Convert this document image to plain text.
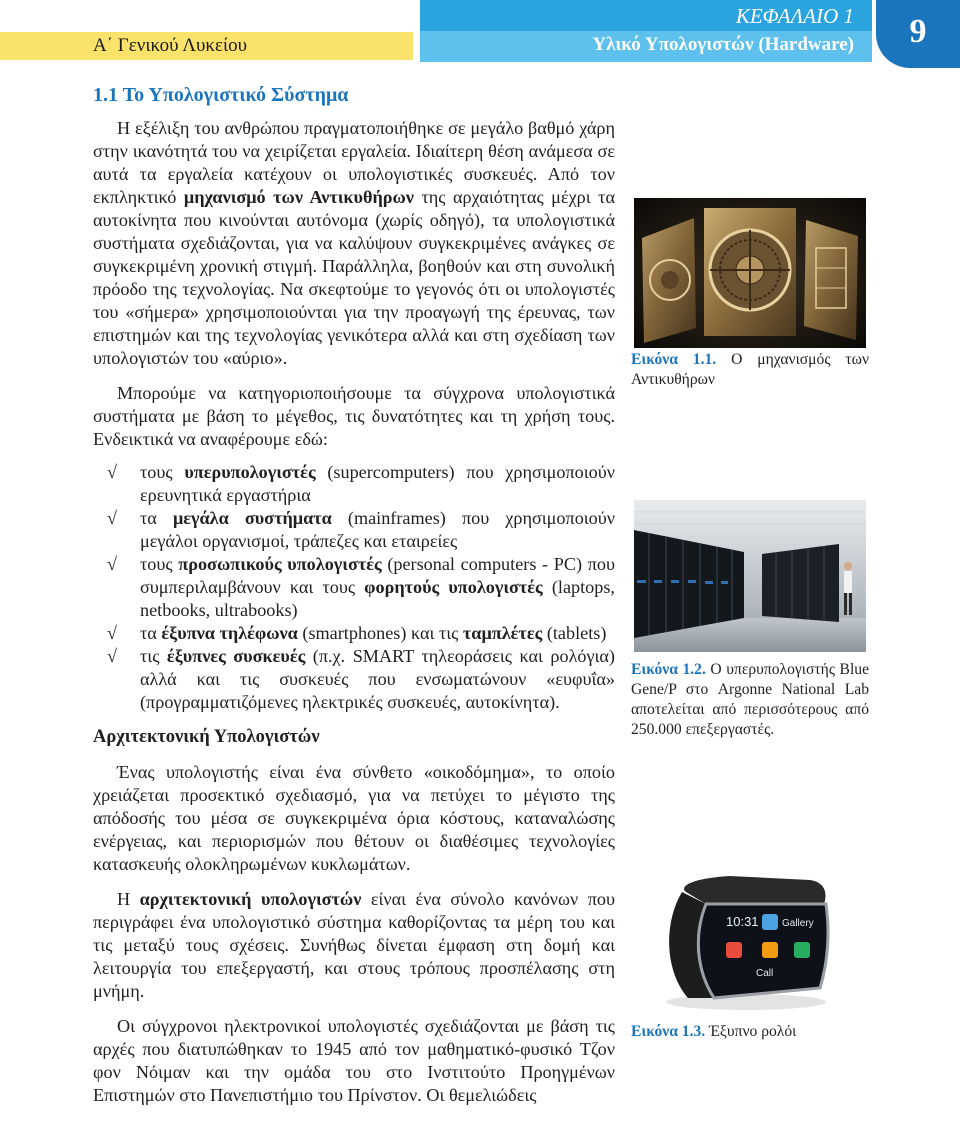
Α΄ Γενικού Λυκείου
ΚΕΦΑΛΑΙΟ 1
Υλικό Υπολογιστών (Hardware)	9
1.1 Το Υπολογιστικό Σύστημα

Η εξέλιξη του ανθρώπου πραγματοποιήθηκε σε μεγάλο βαθμό χάρη στην ικανότητά του να χειρίζεται εργαλεία. Ιδιαίτερη θέση ανάμεσα σε αυτά τα εργαλεία κατέχουν οι υπολογιστικές συσκευές. Από τον εκπληκτικό μηχανισμό των Αντικυθήρων της αρχαιότητας μέχρι τα αυτοκίνητα που κινούνται αυτόνομα (χωρίς οδηγό), τα υπολογιστικά συστήματα σχεδιάζονται, για να καλύψουν συγκεκριμένες ανάγκες σε συγκεκριμένη χρονική στιγμή. Παράλληλα, βοηθούν και στη συνολική πρόοδο της τεχνολογίας. Να σκεφτούμε το γεγονός ότι οι υπολογιστές του «σήμερα» χρησιμοποιούνται για την προαγωγή της έρευνας, των επιστημών και της τεχνολογίας γενικότερα αλλά και στη σχεδίαση των υπολογιστών του «αύριο».

Μπορούμε να κατηγοριοποιήσουμε τα σύγχρονα υπολογιστικά συστήματα με βάση το μέγεθος, τις δυνατότητες και τη χρήση τους. Ενδεικτικά να αναφέρουμε εδώ:

√ τους υπερυπολογιστές (supercomputers) που χρησιμοποιούν ερευνητικά εργαστήρια
√ τα μεγάλα συστήματα (mainframes) που χρησιμοποιούν μεγάλοι οργανισμοί, τράπεζες και εταιρείες
√ τους προσωπικούς υπολογιστές (personal computers - PC) που συμπεριλαμβάνουν και τους φορητούς υπολογιστές (laptops, netbooks, ultrabooks)
√ τα έξυπνα τηλέφωνα (smartphones) και τις ταμπλέτες (tablets)
√ τις έξυπνες συσκευές (π.χ. SMART τηλεοράσεις και ρολόγια) αλλά και τις συσκευές που ενσωματώνουν «ευφυΐα» (προγραμματιζόμενες ηλεκτρικές συσκευές, αυτοκίνητα).
Αρχιτεκτονική Υπολογιστών

Ένας υπολογιστής είναι ένα σύνθετο «οικοδόμημα», το οποίο χρειάζεται προσεκτικό σχεδιασμό, για να πετύχει το μέγιστο της απόδοσής του μέσα σε συγκεκριμένα όρια κόστους, καταναλώσης ενέργειας, και περιορισμών που θέτουν οι διαθέσιμες τεχνολογίες κατασκευής ολοκληρωμένων κυκλωμάτων.

Η αρχιτεκτονική υπολογιστών είναι ένα σύνολο κανόνων που περιγράφει ένα υπολογιστικό σύστημα καθορίζοντας τα μέρη του και τις μεταξύ τους σχέσεις. Συνήθως δίνεται έμφαση στη δομή και λειτουργία του επεξεργαστή, και στους τρόπους προσπέλασης στη μνήμη.

Οι σύγχρονοι ηλεκτρονικοί υπολογιστές σχεδιάζονται με βάση τις αρχές που διατυπώθηκαν το 1945 από τον μαθηματικό-φυσικό Τζον φον Νόιμαν και την ομάδα του στο Ινστιτούτο Προηγμένων Επιστημών στο Πανεπιστήμιο του Πρίνστον. Οι θεμελιώδεις

Εικόνα 1.1. Ο μηχανισμός των Αντικυθήρων
Εικόνα 1.2. Ο υπερυπολογιστής Blue Gene/P στο Argonne National Lab αποτελείται από περισσότερους από 250.000 επεξεργαστές.
10:31 Gallery
Call
Εικόνα 1.3. Έξυπνο ρολόι
